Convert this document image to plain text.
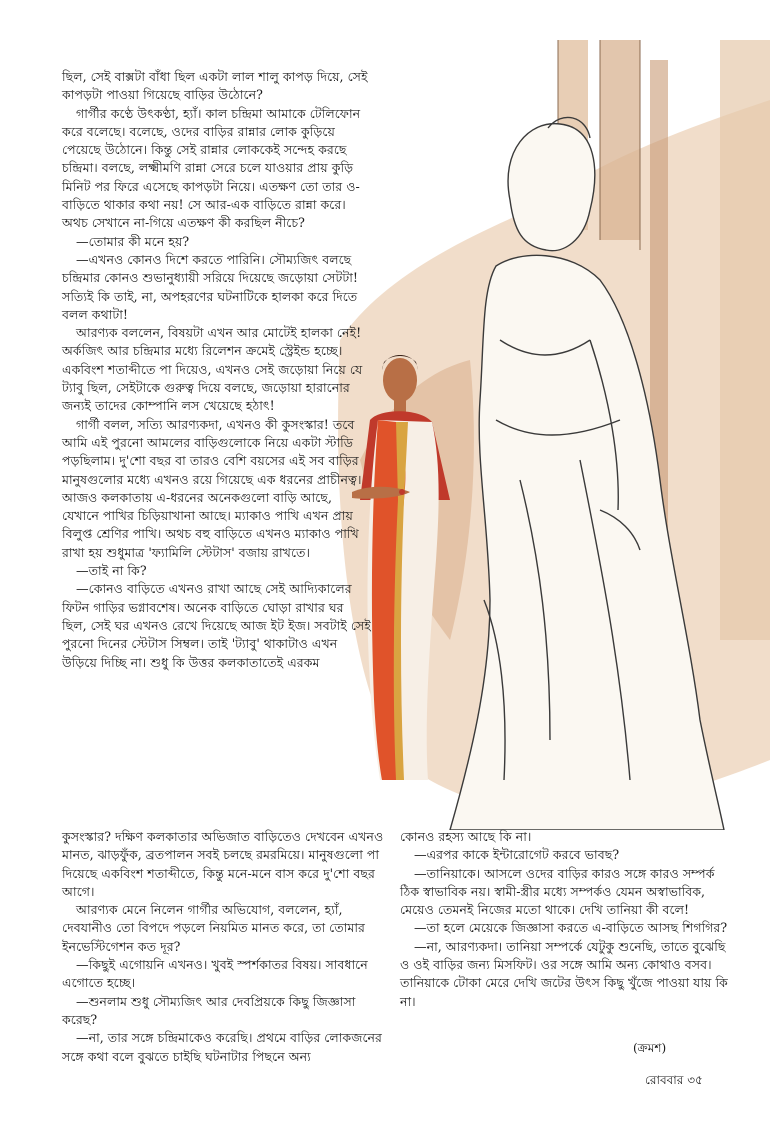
ছিল, সেই বাক্সটা বাঁধা ছিল একটা লাল শালু কাপড় দিয়ে, সেই কাপড়টা পাওয়া গিয়েছে বাড়ির উঠোনে?

গার্গীর কণ্ঠে উৎকণ্ঠা, হ্যাঁ। কাল চন্দ্রিমা আমাকে টেলিফোন করে বলেছে। বলেছে, ওদের বাড়ির রান্নার লোক কুড়িয়ে পেয়েছে উঠোনে। কিন্তু সেই রান্নার লোককেই সন্দেহ করছে চন্দ্রিমা। বলছে, লক্ষ্মীমণি রান্না সেরে চলে যাওয়ার প্রায় কুড়ি মিনিট পর ফিরে এসেছে কাপড়টা নিয়ে। এতক্ষণ তো তার ও-বাড়িতে থাকার কথা নয়! সে আর-এক বাড়িতে রান্না করে। অথচ সেখানে না-গিয়ে এতক্ষণ কী করছিল নীচে?

—তোমার কী মনে হয়?

—এখনও কোনও দিশে করতে পারিনি। সৌম্যজিৎ বলছে চন্দ্রিমার কোনও শুভানুধ্যায়ী সরিয়ে দিয়েছে জড়োয়া সেটটা! সত্যিই কি তাই, না, অপহরণের ঘটনাটিকে হালকা করে দিতে বলল কথাটা!

আরণ্যক বললেন, বিষয়টা এখন আর মোটেই হালকা নেই! অর্কজিৎ আর চন্দ্রিমার মধ্যে রিলেশন ক্রমেই স্ট্রেইন্ড হচ্ছে। একবিংশ শতাব্দীতে পা দিয়েও, এখনও সেই জড়োয়া নিয়ে যে ট্যাবু ছিল, সেইটাকে গুরুত্ব দিয়ে বলছে, জড়োয়া হারানোর জন্যই তাদের কোম্পানি লস খেয়েছে হঠাৎ!

গার্গী বলল, সত্যি আরণ্যকদা, এখনও কী কুসংস্কার! তবে আমি এই পুরনো আমলের বাড়িগুলোকে নিয়ে একটা স্টাডি পড়ছিলাম। দু'শো বছর বা তারও বেশি বয়সের এই সব বাড়ির মানুষগুলোর মধ্যে এখনও রয়ে গিয়েছে এক ধরনের প্রাচীনত্ব। আজও কলকাতায় এ-ধরনের অনেকগুলো বাড়ি আছে, যেখানে পাখির চিড়িয়াখানা আছে। ম্যাকাও পাখি এখন প্রায় বিলুপ্ত শ্রেণির পাখি। অথচ বহু বাড়িতে এখনও ম্যাকাও পাখি রাখা হয় শুধুমাত্র 'ফ্যামিলি স্টেটাস' বজায় রাখতে।

—তাই না কি?

—কোনও বাড়িতে এখনও রাখা আছে সেই আদ্যিকালের ফিটন গাড়ির ভগ্নাবশেষ। অনেক বাড়িতে ঘোড়া রাখার ঘর ছিল, সেই ঘর এখনও রেখে দিয়েছে আজ ইট ইজ। সবটাই সেই পুরনো দিনের স্টেটাস সিম্বল। তাই 'ট্যাবু' থাকাটাও এখন উড়িয়ে দিচ্ছি না। শুধু কি উত্তর কলকাতাতেই এরকম

কুসংস্কার? দক্ষিণ কলকাতার অভিজাত বাড়িতেও দেখবেন এখনও মানত, ঝাড়ফুঁক, ব্রতপালন সবই চলছে রমরমিয়ে। মানুষগুলো পা দিয়েছে একবিংশ শতাব্দীতে, কিন্তু মনে-মনে বাস করে দু'শো বছর আগে।

আরণ্যক মেনে নিলেন গার্গীর অভিযোগ, বললেন, হ্যাঁ, দেবযানীও তো বিপদে পড়লে নিয়মিত মানত করে, তা তোমার ইনভেস্টিগেশন কত দূর?

—কিছুই এগোয়নি এখনও। খুবই স্পর্শকাতর বিষয়। সাবধানে এগোতে হচ্ছে।

—শুনলাম শুধু সৌম্যজিৎ আর দেবপ্রিয়কে কিছু জিজ্ঞাসা করেছ?

—না, তার সঙ্গে চন্দ্রিমাকেও করেছি। প্রথমে বাড়ির লোকজনের সঙ্গে কথা বলে বুঝতে চাইছি ঘটনাটার পিছনে অন্য

কোনও রহস্য আছে কি না।

—এরপর কাকে ইন্টারোগেট করবে ভাবছ?

—তানিয়াকে। আসলে ওদের বাড়ির কারও সঙ্গে কারও সম্পর্ক ঠিক স্বাভাবিক নয়। স্বামী-স্ত্রীর মধ্যে সম্পর্কও যেমন অস্বাভাবিক, মেয়েও তেমনই নিজের মতো থাকে। দেখি তানিয়া কী বলে!

—তা হলে মেয়েকে জিজ্ঞাসা করতে এ-বাড়িতে আসছ শিগগির?

—না, আরণ্যকদা। তানিয়া সম্পর্কে যেটুকু শুনেছি, তাতে বুঝেছি ও ওই বাড়ির জন্য মিসফিট। ওর সঙ্গে আমি অন্য কোথাও বসব। তানিয়াকে টোকা মেরে দেখি জটের উৎস কিছু খুঁজে পাওয়া যায় কি না।

(ক্রমশ)
রোববার ৩৫
